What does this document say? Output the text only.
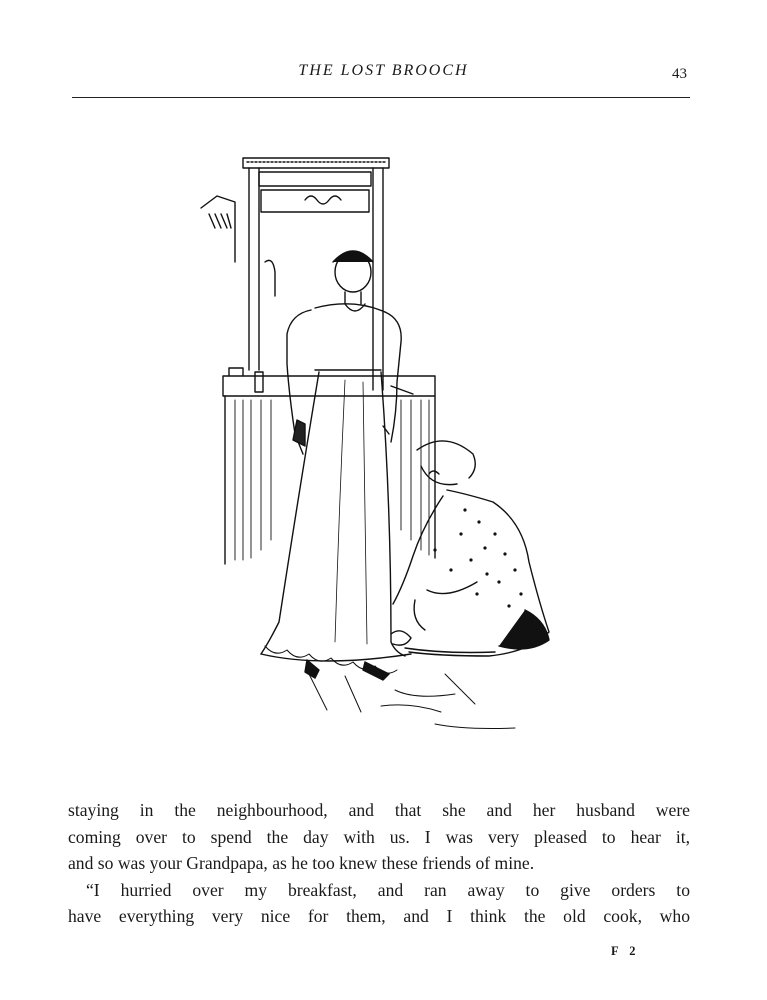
THE LOST BROOCH	43
staying in the neighbourhood, and that she and her husband were
coming over to spend the day with us. I was very pleased to hear it,
and so was your Grandpapa, as he too knew these friends of mine.
“I hurried over my breakfast, and ran away to give orders to
have everything very nice for them, and I think the old cook, who
F 2
